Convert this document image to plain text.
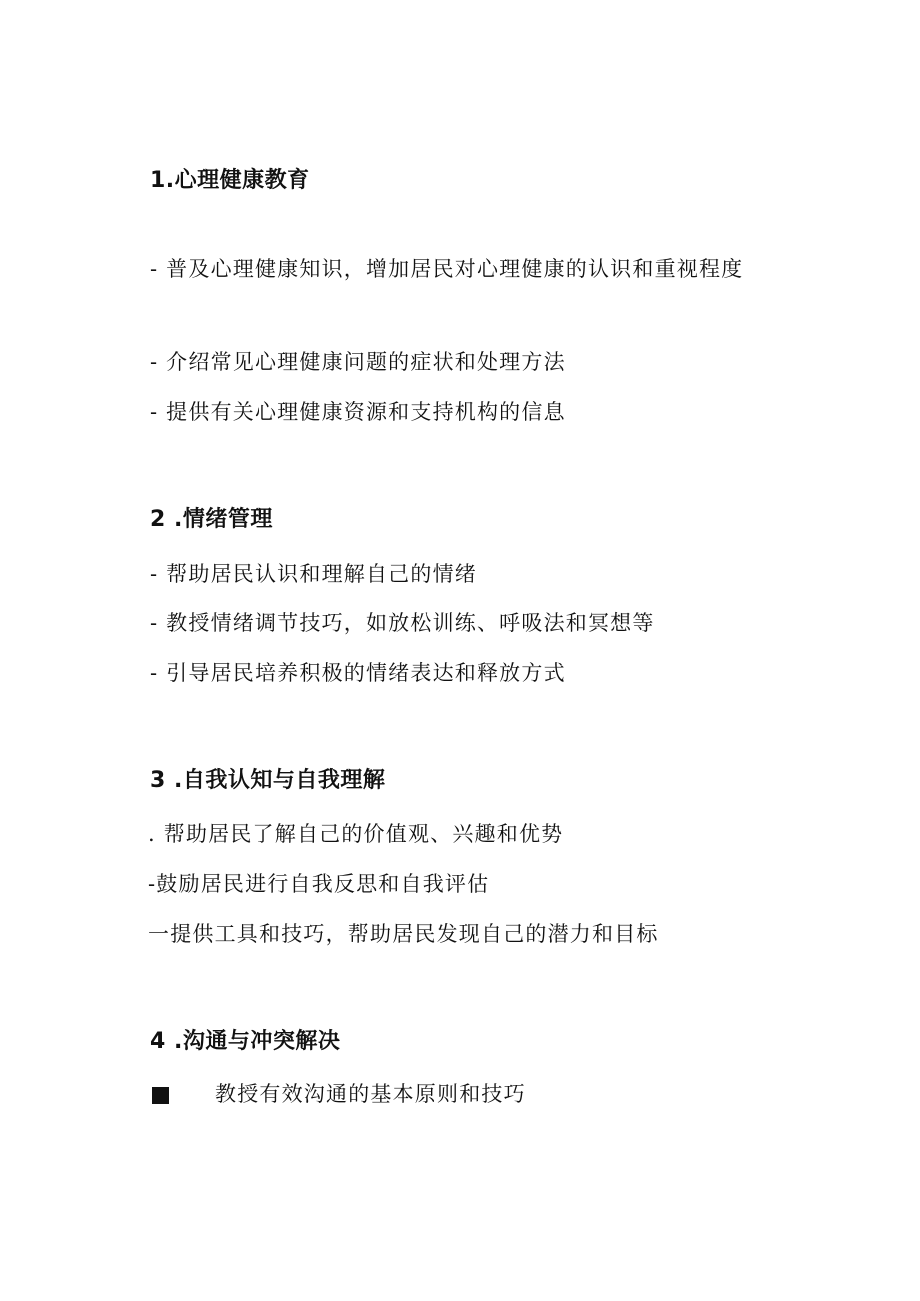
1.心理健康教育
- 普及心理健康知识，增加居民对心理健康的认识和重视程度
- 介绍常见心理健康问题的症状和处理方法
- 提供有关心理健康资源和支持机构的信息
2 .情绪管理
- 帮助居民认识和理解自己的情绪
- 教授情绪调节技巧，如放松训练、呼吸法和冥想等
- 引导居民培养积极的情绪表达和释放方式
3 .自我认知与自我理解
. 帮助居民了解自己的价值观、兴趣和优势
-鼓励居民进行自我反思和自我评估
一提供工具和技巧，帮助居民发现自己的潜力和目标
4 .沟通与冲突解决
教授有效沟通的基本原则和技巧
